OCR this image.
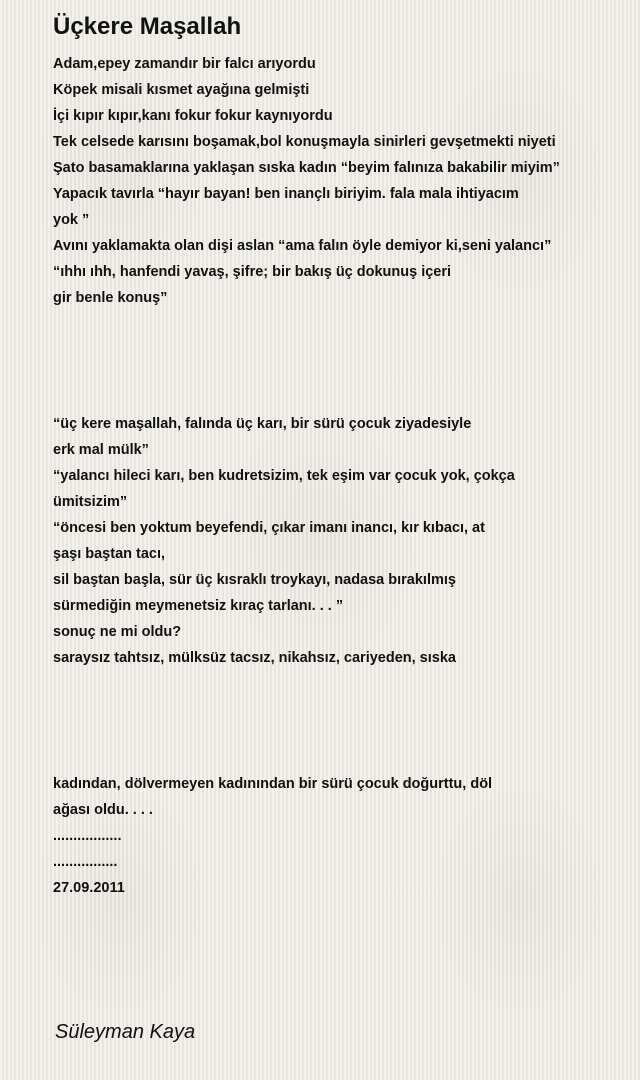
Üçkere Maşallah
Adam,epey zamandır bir falcı arıyordu
Köpek misali kısmet ayağına gelmişti
İçi kıpır kıpır,kanı fokur fokur kaynıyordu
Tek celsede karısını boşamak,bol konuşmayla sinirleri gevşetmekti niyeti
Şato basamaklarına yaklaşan sıska kadın “beyim falınıza bakabilir miyim”
Yapacık tavırla “hayır bayan! ben inançlı biriyim. fala mala ihtiyacım
yok ”
Avını yaklamakta olan dişi aslan “ama falın öyle demiyor ki,seni yalancı”
“ıhhı ıhh, hanfendi yavaş, şifre; bir bakış üç dokunuş içeri
gir benle konuş”
“üç kere maşallah, falında üç karı, bir sürü çocuk ziyadesiyle
erk mal mülk”
“yalancı hileci karı, ben kudretsizim, tek eşim var çocuk yok, çokça
ümitsizim”
“öncesi ben yoktum beyefendi, çıkar imanı inancı, kır kıbacı, at
şaşı baştan tacı,
sil baştan başla, sür üç kısraklı troykayı, nadasa bırakılmış
sürmediğin meymenetsiz kıraç tarlanı. . . ”
sonuç ne mi oldu?
saraysız tahtsız, mülksüz tacsız, nikahsız, cariyeden, sıska
kadından, dölvermeyen kadınından bir sürü çocuk doğurttu, döl
ağası oldu. . . .
.................
................
27.09.2011

Süleyman Kaya
